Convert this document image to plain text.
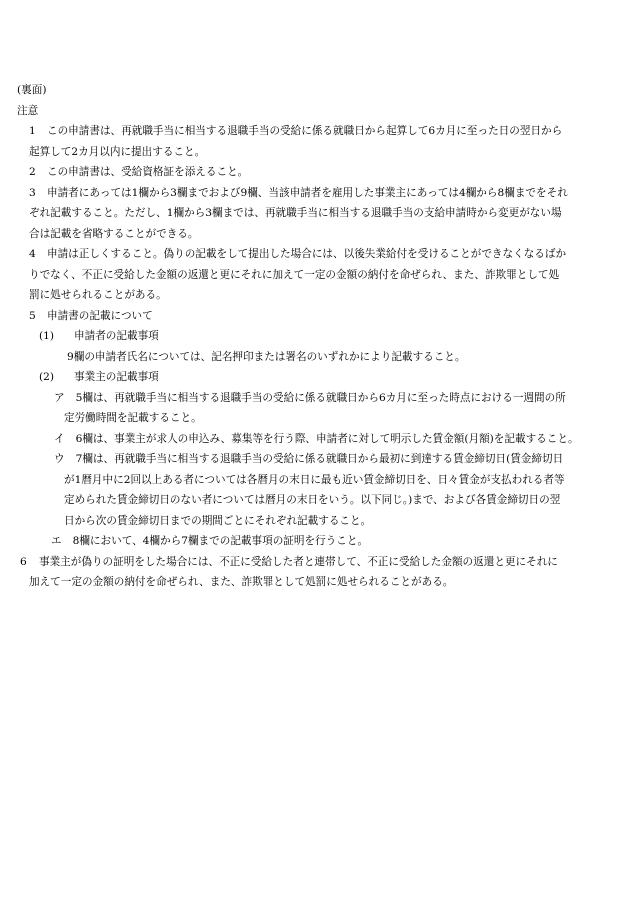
(裏面)
注意
1 この申請書は、再就職手当に相当する退職手当の受給に係る就職日から起算して6カ月に至った日の翌日から
起算して2カ月以内に提出すること。
2 この申請書は、受給資格証を添えること。
3 申請者にあっては1欄から3欄までおよび9欄、当該申請者を雇用した事業主にあっては4欄から8欄までをそれ
ぞれ記載すること。ただし、1欄から3欄までは、再就職手当に相当する退職手当の支給申請時から変更がない場
合は記載を省略することができる。
4 申請は正しくすること。偽りの記載をして提出した場合には、以後失業給付を受けることができなくなるばか
りでなく、不正に受給した金額の返還と更にそれに加えて一定の金額の納付を命ぜられ、また、詐欺罪として処
罰に処せられることがある。
5 申請書の記載について
(1) 申請者の記載事項
9欄の申請者氏名については、記名押印または署名のいずれかにより記載すること。
(2) 事業主の記載事項
ア 5欄は、再就職手当に相当する退職手当の受給に係る就職日から6カ月に至った時点における一週間の所
定労働時間を記載すること。
イ 6欄は、事業主が求人の申込み、募集等を行う際、申請者に対して明示した賃金額(月額)を記載すること。
ウ 7欄は、再就職手当に相当する退職手当の受給に係る就職日から最初に到達する賃金締切日(賃金締切日
が1暦月中に2回以上ある者については各暦月の末日に最も近い賃金締切日を、日々賃金が支払われる者等
定められた賃金締切日のない者については暦月の末日をいう。以下同じ。)まで、および各賃金締切日の翌
日から次の賃金締切日までの期間ごとにそれぞれ記載すること。
エ 8欄において、4欄から7欄までの記載事項の証明を行うこと。
6 事業主が偽りの証明をした場合には、不正に受給した者と連帯して、不正に受給した金額の返還と更にそれに
加えて一定の金額の納付を命ぜられ、また、詐欺罪として処罰に処せられることがある。
